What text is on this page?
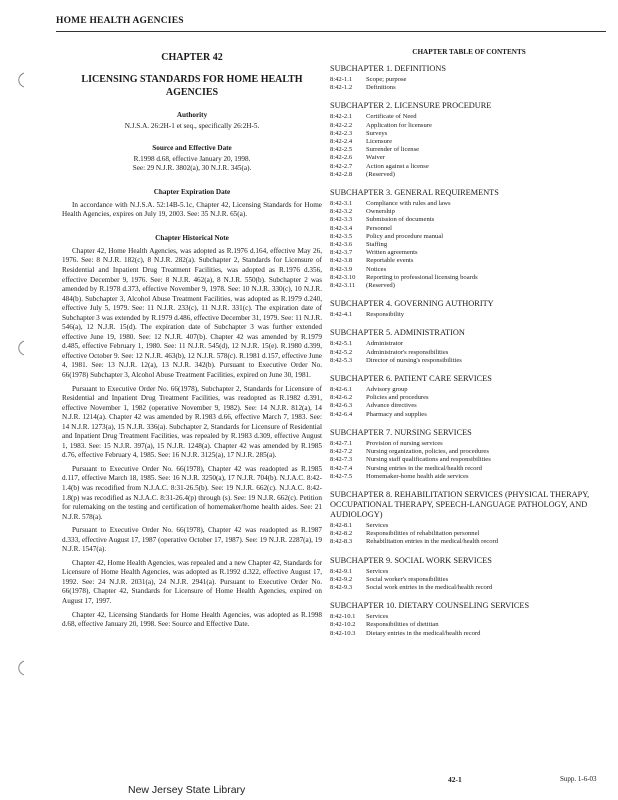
HOME HEALTH AGENCIES
CHAPTER 42
LICENSING STANDARDS FOR HOME HEALTH AGENCIES
Authority
N.J.S.A. 26:2H-1 et seq., specifically 26:2H-5.
Source and Effective Date
R.1998 d.68, effective January 20, 1998.
See: 29 N.J.R. 3802(a), 30 N.J.R. 345(a).
Chapter Expiration Date

In accordance with N.J.S.A. 52:14B-5.1c, Chapter 42, Licensing Standards for Home Health Agencies, expires on July 19, 2003. See: 35 N.J.R. 65(a).

Chapter Historical Note

Chapter 42, Home Health Agencies, was adopted as R.1976 d.164, effective May 26, 1976. See: 8 N.J.R. 182(c), 8 N.J.R. 282(a). Subchapter 2, Standards for Licensure of Residential and Inpatient Drug Treatment Facilities, was adopted as R.1976 d.356, effective December 9, 1976. See: 8 N.J.R. 462(a), 8 N.J.R. 550(b). Subchapter 2 was amended by R.1978 d.373, effective November 9, 1978. See: 10 N.J.R. 330(c), 10 N.J.R. 484(b). Subchapter 3, Alcohol Abuse Treatment Facilities, was adopted as R.1979 d.240, effective July 5, 1979. See: 11 N.J.R. 233(c), 11 N.J.R. 331(c). The expiration date of Subchapter 3 was extended by R.1979 d.486, effective December 31, 1979. See: 11 N.J.R. 546(a), 12 N.J.R. 15(d). The expiration date of Subchapter 3 was further extended effective June 19, 1980. See: 12 N.J.R. 407(b). Chapter 42 was amended by R.1979 d.485, effective February 1, 1980. See: 11 N.J.R. 545(d), 12 N.J.R. 15(e). R.1980 d.399, effective October 9. See: 12 N.J.R. 463(b), 12 N.J.R. 578(c). R.1981 d.157, effective June 4, 1981. See: 13 N.J.R. 12(a), 13 N.J.R. 342(b). Pursuant to Executive Order No. 66(1978) Subchapter 3, Alcohol Abuse Treatment Facilities, expired on June 30, 1981.

Pursuant to Executive Order No. 66(1978), Subchapter 2, Standards for Licensure of Residential and Inpatient Drug Treatment Facilities, was readopted as R.1982 d.391, effective November 1, 1982 (operative November 9, 1982). See: 14 N.J.R. 812(a), 14 N.J.R. 1214(a). Chapter 42 was amended by R.1983 d.66, effective March 7, 1983. See: 14 N.J.R. 1273(a), 15 N.J.R. 336(a). Subchapter 2, Standards for Licensure of Residential and Inpatient Drug Treatment Facilities, was repealed by R.1983 d.309, effective August 1, 1983. See: 15 N.J.R. 397(a), 15 N.J.R. 1248(a). Chapter 42 was amended by R.1985 d.76, effective February 4, 1985. See: 16 N.J.R. 3125(a), 17 N.J.R. 285(a).

Pursuant to Executive Order No. 66(1978), Chapter 42 was readopted as R.1985 d.117, effective March 18, 1985. See: 16 N.J.R. 3250(a), 17 N.J.R. 704(b). N.J.A.C. 8:42-1.4(b) was recodified from N.J.A.C. 8:31-26.5(b). See: 19 N.J.R. 662(c). N.J.A.C. 8:42-1.8(p) was recodified as N.J.A.C. 8:31-26.4(p) through (s). See: 19 N.J.R. 662(c). Petition for rulemaking on the testing and certification of homemaker/home health aides. See: 21 N.J.R. 578(a).

Pursuant to Executive Order No. 66(1978), Chapter 42 was readopted as R.1987 d.333, effective August 17, 1987 (operative October 17, 1987). See: 19 N.J.R. 2287(a), 19 N.J.R. 1547(a).

Chapter 42, Home Health Agencies, was repealed and a new Chapter 42, Standards for Licensure of Home Health Agencies, was adopted as R.1992 d.322, effective August 17, 1992. See: 24 N.J.R. 2031(a), 24 N.J.R. 2941(a). Pursuant to Executive Order No. 66(1978), Chapter 42, Standards for Licensure of Home Health Agencies, expired on August 17, 1997.

Chapter 42, Licensing Standards for Home Health Agencies, was adopted as R.1998 d.68, effective January 20, 1998. See: Source and Effective Date.

CHAPTER TABLE OF CONTENTS
SUBCHAPTER 1. DEFINITIONS
8:42-1.1	Scope; purpose
8:42-1.2	Definitions
SUBCHAPTER 2. LICENSURE PROCEDURE
8:42-2.1	Certificate of Need
8:42-2.2	Application for licensure
8:42-2.3	Surveys
8:42-2.4	Licensure
8:42-2.5	Surrender of license
8:42-2.6	Waiver
8:42-2.7	Action against a license
8:42-2.8	(Reserved)
SUBCHAPTER 3. GENERAL REQUIREMENTS
8:42-3.1	Compliance with rules and laws
8:42-3.2	Ownership
8:42-3.3	Submission of documents
8:42-3.4	Personnel
8:42-3.5	Policy and procedure manual
8:42-3.6	Staffing
8:42-3.7	Written agreements
8:42-3.8	Reportable events
8:42-3.9	Notices
8:42-3.10	Reporting to professional licensing boards
8:42-3.11	(Reserved)
SUBCHAPTER 4. GOVERNING AUTHORITY
8:42-4.1	Responsibility
SUBCHAPTER 5. ADMINISTRATION
8:42-5.1	Administrator
8:42-5.2	Administrator's responsibilities
8:42-5.3	Director of nursing's responsibilities
SUBCHAPTER 6. PATIENT CARE SERVICES
8:42-6.1	Advisory group
8:42-6.2	Policies and procedures
8:42-6.3	Advance directives
8:42-6.4	Pharmacy and supplies
SUBCHAPTER 7. NURSING SERVICES
8:42-7.1	Provision of nursing services
8:42-7.2	Nursing organization, policies, and procedures
8:42-7.3	Nursing staff qualifications and responsibilities
8:42-7.4	Nursing entries in the medical/health record
8:42-7.5	Homemaker-home health aide services
SUBCHAPTER 8. REHABILITATION SERVICES (PHYSICAL THERAPY, OCCUPATIONAL THERAPY, SPEECH-LANGUAGE PATHOLOGY, AND AUDIOLOGY)
8:42-8.1	Services
8:42-8.2	Responsibilities of rehabilitation personnel
8:42-8.3	Rehabilitation entries in the medical/health record
SUBCHAPTER 9. SOCIAL WORK SERVICES
8:42-9.1	Services
8:42-9.2	Social worker's responsibilities
8:42-9.3	Social work entries in the medical/health record
SUBCHAPTER 10. DIETARY COUNSELING SERVICES
8:42-10.1	Services
8:42-10.2	Responsibilities of dietitian
8:42-10.3	Dietary entries in the medical/health record
42-1	Supp. 1-6-03
New Jersey State Library
